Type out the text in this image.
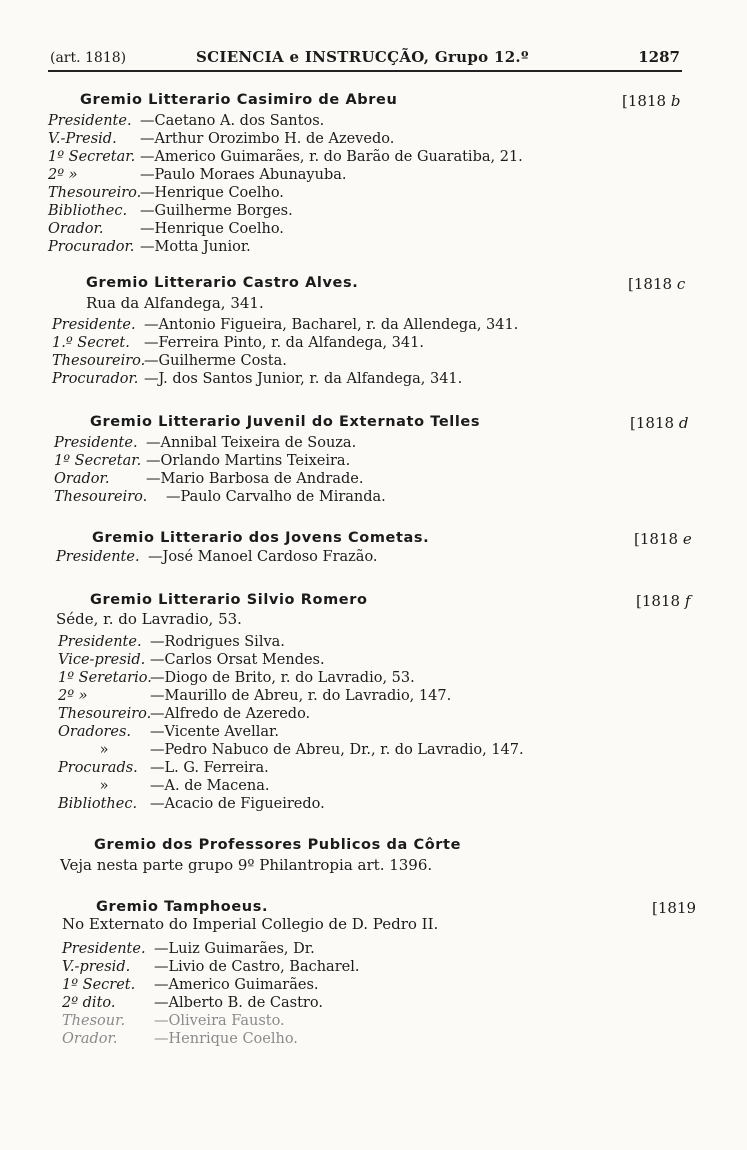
(art. 1818)	SCIENCIA e INSTRUCÇÃO, Grupo 12.º	1287
Gremio Litterario Casimiro de Abreu	[1818 b
Presidente. —Caetano A. dos Santos.
V.-Presid. —Arthur Orozimbo H. de Azevedo.
1º Secretar. —Americo Guimarães, r. do Barão de Guaratiba, 21.
2º »	—Paulo Moraes Abunayuba.
Thesoureiro.—Henrique Coelho.
Bibliothec. —Guilherme Borges.
Orador.	—Henrique Coelho.
Procurador. —Motta Junior.
Gremio Litterario Castro Alves.	[1818 c
Rua da Alfandega, 341.
Presidente. —Antonio Figueira, Bacharel, r. da Allendega, 341.
1.º Secret. —Ferreira Pinto, r. da Alfandega, 341.
Thesoureiro.—Guilherme Costa.
Procurador. —J. dos Santos Junior, r. da Alfandega, 341.
Gremio Litterario Juvenil do Externato Telles	[1818 d
Presidente. —Annibal Teixeira de Souza.
1º Secretar. —Orlando Martins Teixeira.
Orador.	—Mario Barbosa de Andrade.
Thesoureiro. —Paulo Carvalho de Miranda.
Gremio Litterario dos Jovens Cometas.	[1818 e
Presidente. —José Manoel Cardoso Frazão.
Gremio Litterario Silvio Romero	[1818 f
Séde, r. do Lavradio, 53.
Presidente. —Rodrigues Silva.
Vice-presid. —Carlos Orsat Mendes.
1º Seretario.—Diogo de Brito, r. do Lavradio, 53.
2º »	—Maurillo de Abreu, r. do Lavradio, 147.
Thesoureiro.—Alfredo de Azeredo.
Oradores. —Vicente Avellar.
»	—Pedro Nabuco de Abreu, Dr., r. do Lavradio, 147.
Procurads. —L. G. Ferreira.
»	—A. de Macena.
Bibliothec. —Acacio de Figueiredo.
Gremio dos Professores Publicos da Côrte
Veja nesta parte grupo 9º Philantropia art. 1396.
Gremio Tamphoeus.	[1819
No Externato do Imperial Collegio de D. Pedro II.
Presidente. —Luiz Guimarães, Dr.
V.-presid. —Livio de Castro, Bacharel.
1º Secret. —Americo Guimarães.
2º dito.	—Alberto B. de Castro.
Thesour. —Oliveira Fausto.
Orador.	—Henrique Coelho.
